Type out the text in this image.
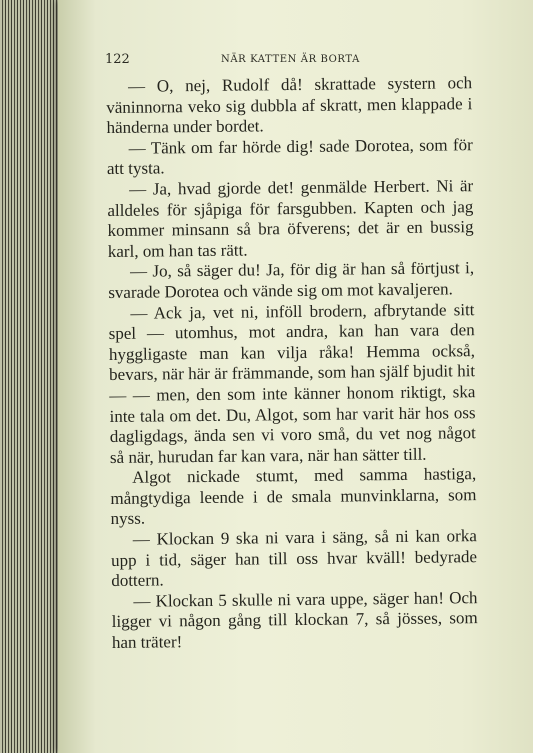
122	NÄR KATTEN ÄR BORTA

— O, nej, Rudolf då! skrattade systern och väninnorna veko sig dubbla af skratt, men klappade i händerna under bordet.

— Tänk om far hörde dig! sade Dorotea, som för att tysta.

— Ja, hvad gjorde det! genmälde Herbert. Ni är alldeles för sjåpiga för farsgubben. Kapten och jag kommer minsann så bra öfverens; det är en bussig karl, om han tas rätt.

— Jo, så säger du! Ja, för dig är han så förtjust i, svarade Dorotea och vände sig om mot kavaljeren.

— Ack ja, vet ni, inföll brodern, afbrytande sitt spel — utomhus, mot andra, kan han vara den hyggligaste man kan vilja råka! Hemma också, bevars, när här är främmande, som han själf bjudit hit — — men, den som inte känner honom riktigt, ska inte tala om det. Du, Algot, som har varit här hos oss dagligdags, ända sen vi voro små, du vet nog något så när, hurudan far kan vara, när han sätter till.

Algot nickade stumt, med samma hastiga, mångtydiga leende i de smala munvinklarna, som nyss.

— Klockan 9 ska ni vara i säng, så ni kan orka upp i tid, säger han till oss hvar kväll! bedyrade dottern.

— Klockan 5 skulle ni vara uppe, säger han! Och ligger vi någon gång till klockan 7, så jösses, som han träter!
